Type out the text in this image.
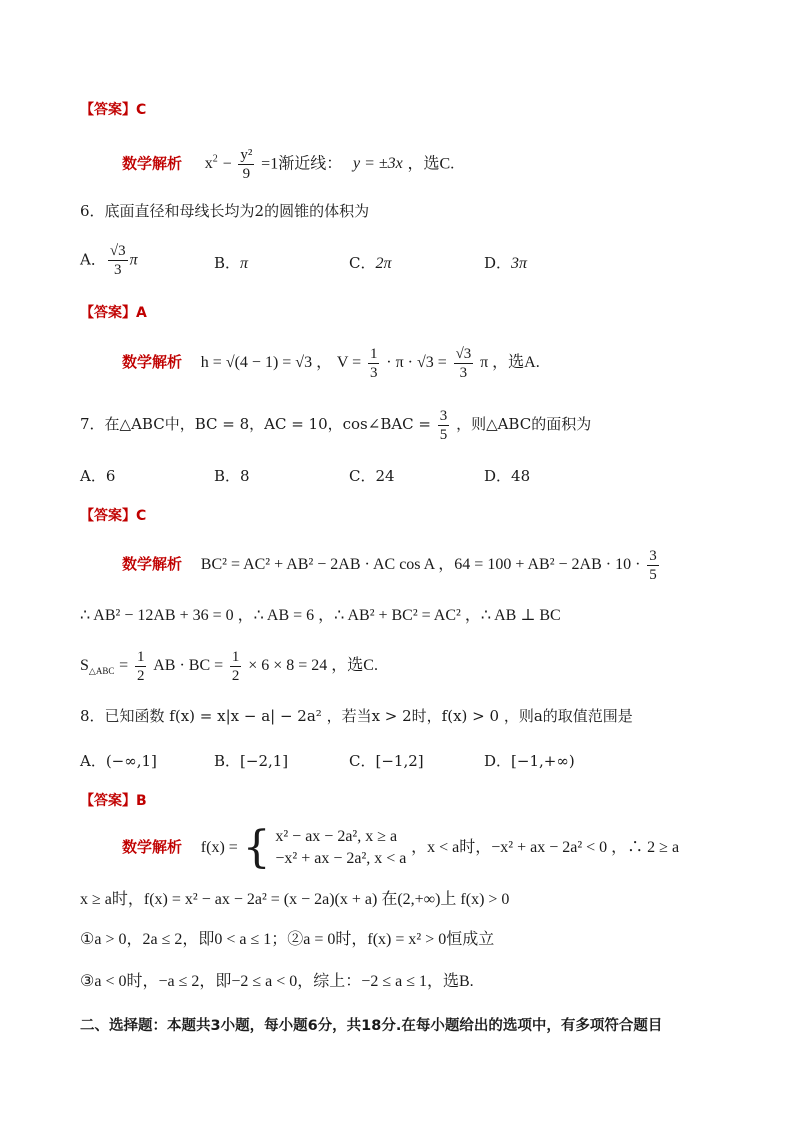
【答案】C
数学解析 $x^2 - \frac{\text{y²}}{9} =1$渐近线： y = ±3x ，选C.
6．底面直径和母线长均为2的圆锥的体积为
A． $\frac{√3}{3}$ π	B．π	C．2π	D．3π
【答案】A
数学解析 h = √(4 − 1) = √3 ， $V = \frac{1}{3} \cdot \pi \cdot √3 = \frac{√3}{3}$ π ，选A.
7．在△ABC中，BC = 8，AC = 10，cos∠BAC = $\frac{3}{5}$ ，则△ABC的面积为
A．6	B．8	C．24	D．48
【答案】C
数学解析 BC² = AC² + AB² − 2AB · AC cos A ，$64 = 100 + AB^2 - 2AB \cdot 10 \cdot \frac{3}{5}$
∴ AB² − 12AB + 36 = 0 ，∴ AB = 6 ，∴ AB² + BC² = AC² ，∴ AB ⊥ BC
$S_{\triangle ABC} = \frac{1}{2}$ AB · BC = $\frac{1}{2} \times 6 \times 8 = 24$ ，选C.
8．已知函数 f(x) = x|x − a| − 2a² ，若当x > 2时，f(x) > 0 ，则a的取值范围是
A．(−∞,1]	B．[−2,1]	C．[−1,2]	D．[−1,+∞)
【答案】B
数学解析 f(x) = { x² − ax − 2a², x ≥ a
−x² + ax − 2a², x < a
，x < a时，−x² + ax − 2a² < 0 ，∴ 2 ≥ a
x ≥ a时，f(x) = x² − ax − 2a² = (x − 2a)(x + a) 在(2,+∞)上 f(x) > 0
①a > 0，2a ≤ 2，即0 < a ≤ 1；②a = 0时，f(x) = x² > 0恒成立
③a < 0时，−a ≤ 2，即−2 ≤ a < 0，综上：−2 ≤ a ≤ 1，选B.
二、选择题：本题共3小题，每小题6分，共18分.在每小题给出的选项中，有多项符合题目
